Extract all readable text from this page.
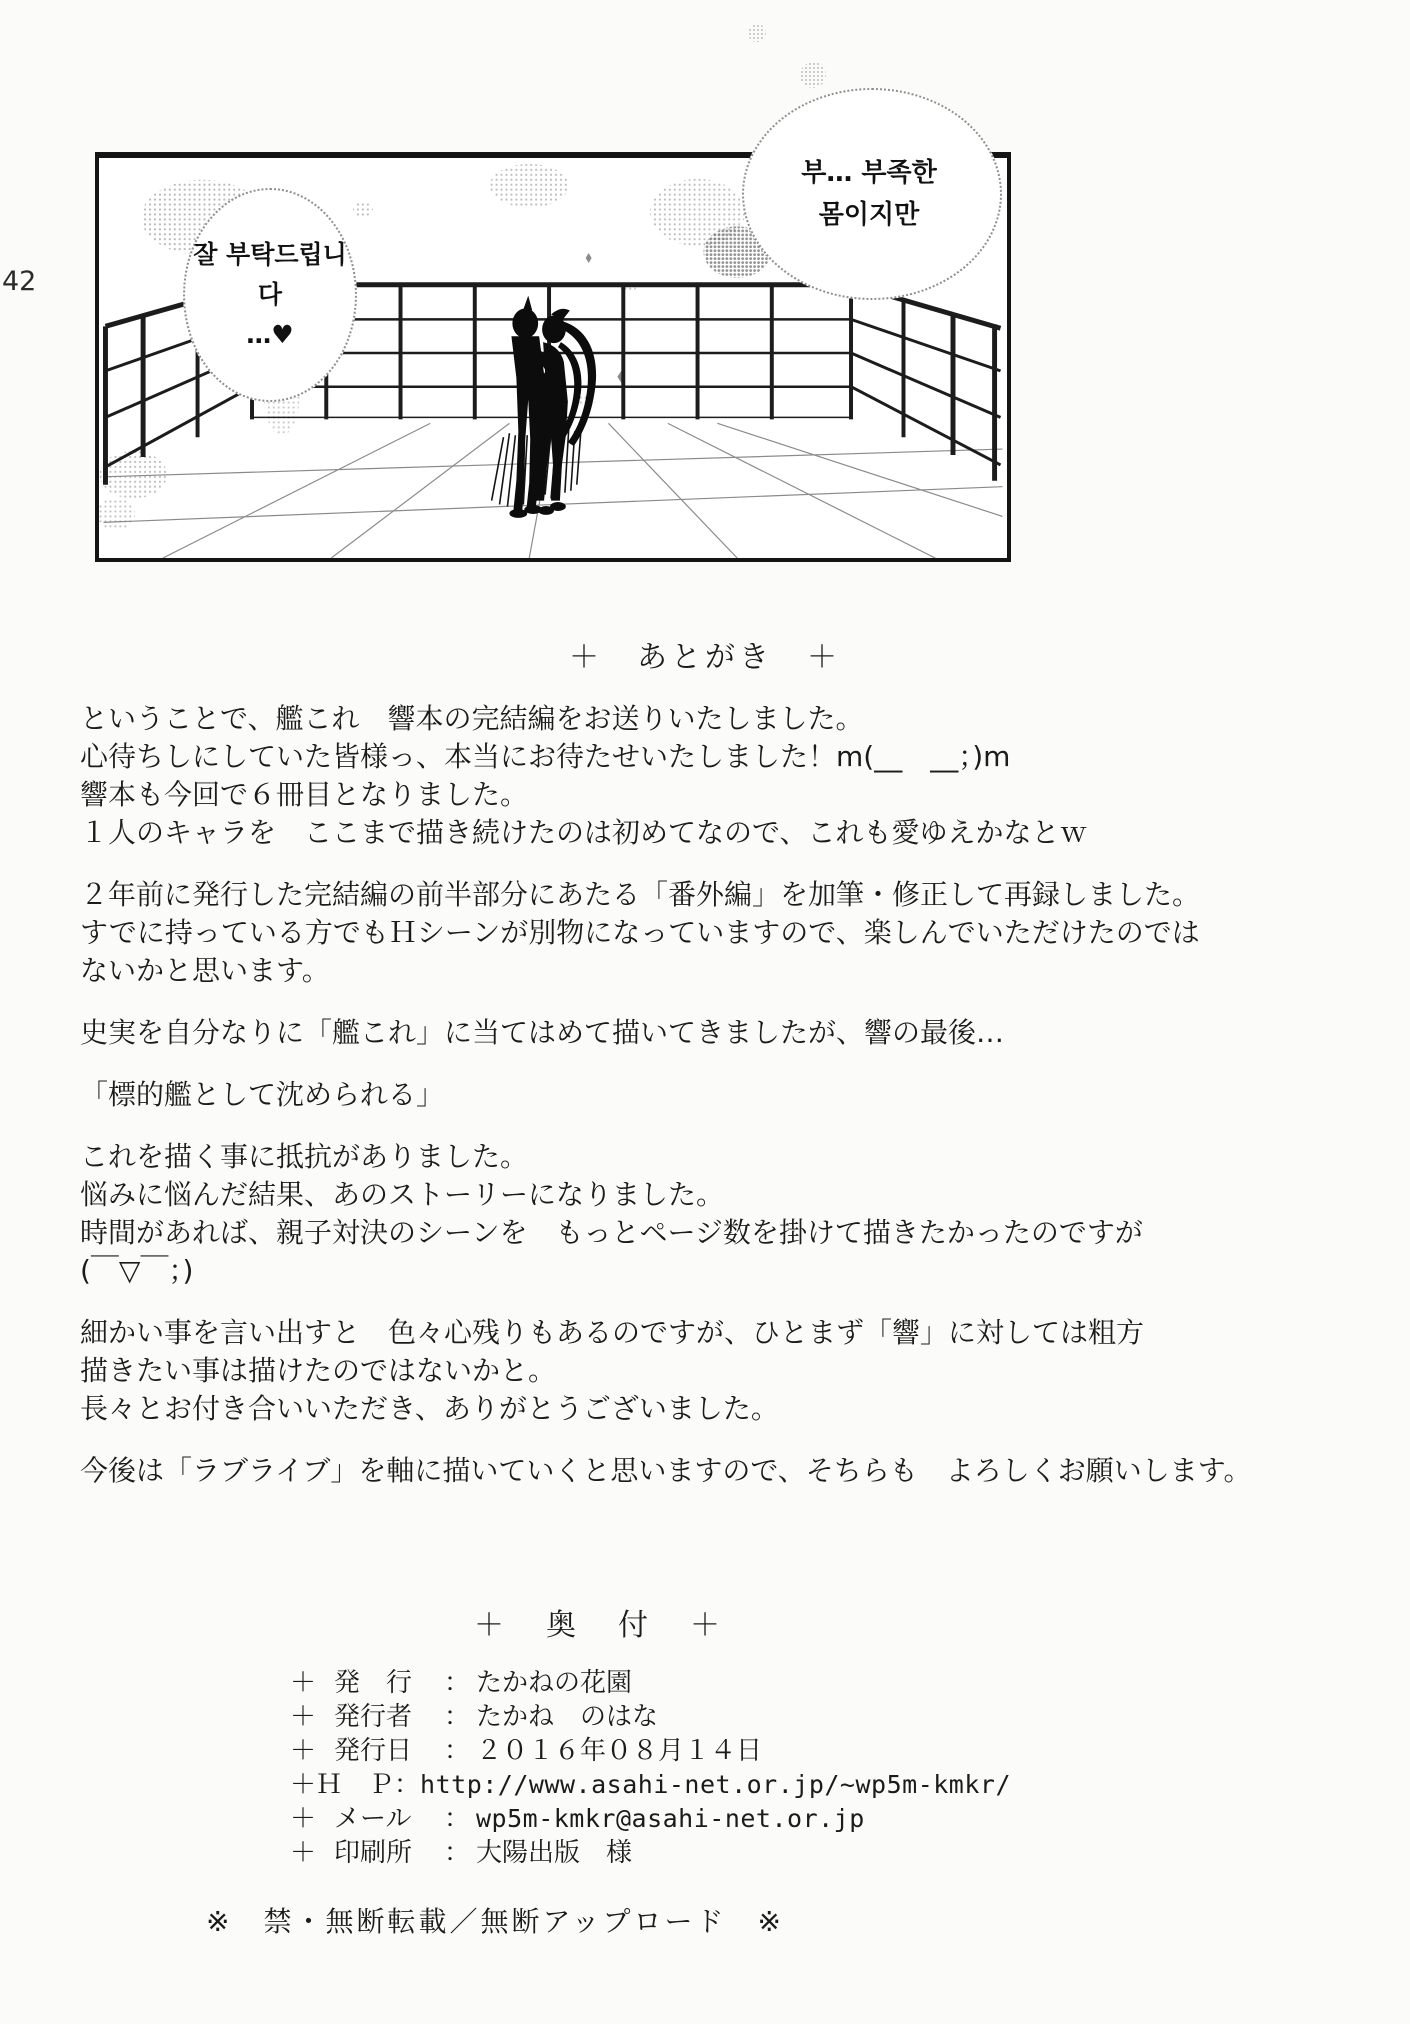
42
잘 부탁드립니다
…♥
부… 부족한
몸이지만
＋　あとがき　＋
ということで、艦これ　響本の完結編をお送りいたしました。
心待ちしにしていた皆様っ、本当にお待たせいたしました！m(__　__；)m
響本も今回で６冊目となりました。
１人のキャラを　ここまで描き続けたのは初めてなので、これも愛ゆえかなとｗ
２年前に発行した完結編の前半部分にあたる「番外編」を加筆・修正して再録しました。
すでに持っている方でもＨシーンが別物になっていますので、楽しんでいただけたのでは
ないかと思います。
史実を自分なりに「艦これ」に当てはめて描いてきましたが、響の最後…
「標的艦として沈められる」
これを描く事に抵抗がありました。
悩みに悩んだ結果、あのストーリーになりました。
時間があれば、親子対決のシーンを　もっとページ数を掛けて描きたかったのですが
(￣▽￣；)
細かい事を言い出すと　色々心残りもあるのですが、ひとまず「響」に対しては粗方
描きたい事は描けたのではないかと。
長々とお付き合いいただき、ありがとうございました。
今後は「ラブライブ」を軸に描いていくと思いますので、そちらも　よろしくお願いします。
＋　奥　付　＋
＋ 発　行	： たかねの花園
＋ 発行者	： たかね　のはな
＋ 発行日	： ２０１６年０８月１４日
＋ Ｈ　Ｐ ： http://www.asahi-net.or.jp/~wp5m-kmkr/
＋ メール	： wp5m-kmkr@asahi-net.or.jp
＋ 印刷所	： 大陽出版　様
※　禁・無断転載／無断アップロード　※
